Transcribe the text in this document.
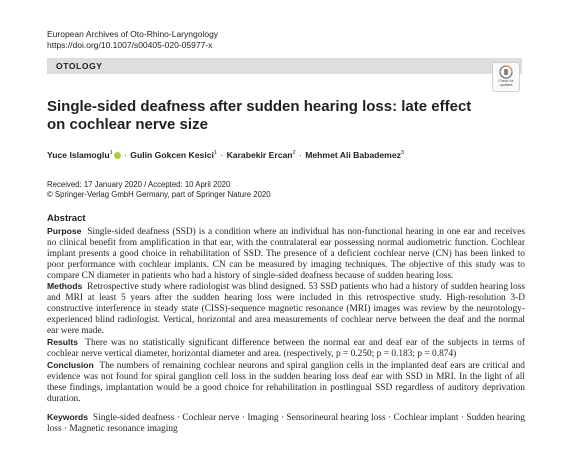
European Archives of Oto-Rhino-Laryngology
https://doi.org/10.1007/s00405-020-05977-x
OTOLOGY
Check for
updates
Single-sided deafness after sudden hearing loss: late effect on cochlear nerve size
Yuce Islamoglu$^1$ · Gulin Gokcen Kesici$^1$ · Karabekir Ercan$^2$ · Mehmet Ali Babademez$^3$
Received: 17 January 2020 / Accepted: 10 April 2020
© Springer-Verlag GmbH Germany, part of Springer Nature 2020
Abstract

Purpose Single-sided deafness (SSD) is a condition where an individual has non-functional hearing in one ear and receives no clinical benefit from amplification in that ear, with the contralateral ear possessing normal audiometric function. Cochlear implant presents a good choice in rehabilitation of SSD. The presence of a deficient cochlear nerve (CN) has been linked to poor performance with cochlear implants. CN can be measured by imaging techniques. The objective of this study was to compare CN diameter in patients who had a history of single-sided deafness because of sudden hearing loss.

Methods Retrospective study where radiologist was blind designed. 53 SSD patients who had a history of sudden hearing loss and MRI at least 5 years after the sudden hearing loss were included in this retrospective study. High-resolution 3-D constructive interference in steady state (CISS)-sequence magnetic resonance (MRI) images was review by the neurotology-experienced blind radiologist. Vertical, horizontal and area measurements of cochlear nerve between the deaf and the normal ear were made.

Results There was no statistically significant difference between the normal ear and deaf ear of the subjects in terms of cochlear nerve vertical diameter, horizontal diameter and area. (respectively, p = 0.250; p = 0.183; p = 0.874)

Conclusion The numbers of remaining cochlear neurons and spiral ganglion cells in the implanted deaf ears are critical and evidence was not found for spiral ganglion cell loss in the sudden hearing loss deaf ear with SSD in MRI. In the light of all these findings, implantation would be a good choice for rehabilitation in postlingual SSD regardless of auditory deprivation duration.

Keywords Single-sided deafness · Cochlear nerve · Imaging · Sensorineural hearing loss · Cochlear implant · Sudden hearing loss · Magnetic resonance imaging
